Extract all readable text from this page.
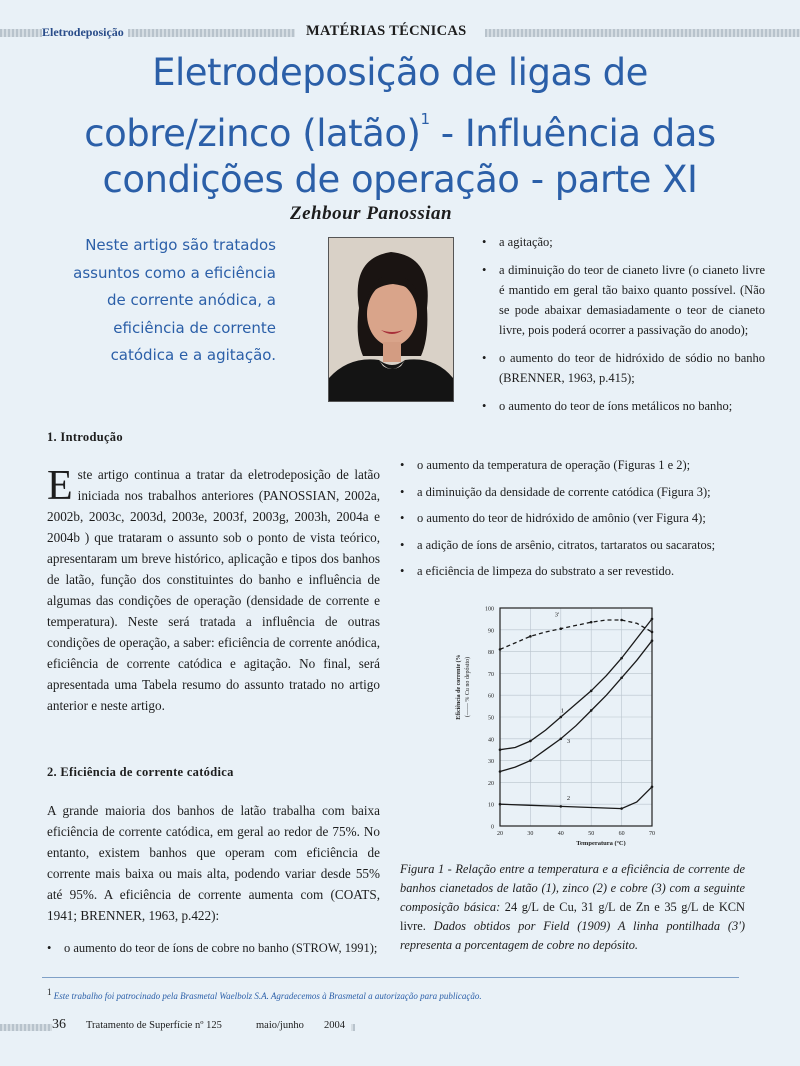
Eletrodeposição	MATÉRIAS TÉCNICAS
Eletrodeposição de ligas de
cobre/zinco (latão)$^1$ - Influência das
condições de operação - parte XI
Zehbour Panossian

Neste artigo são tratados assuntos como a eficiência de corrente anódica, a eficiência de corrente catódica e a agitação.

• a agitação;
• a diminuição do teor de cianeto livre (o cianeto livre é mantido em geral tão baixo quanto possível. (Não se pode abaixar demasiadamente o teor de cianeto livre, pois poderá ocorrer a passivação do anodo);
• o aumento do teor de hidróxido de sódio no banho (BRENNER, 1963, p.415);
• o aumento do teor de íons metálicos no banho;
• o aumento da temperatura de operação (Figuras 1 e 2);
• a diminuição da densidade de corrente catódica (Figura 3);
• o aumento do teor de hidróxido de amônio (ver Figura 4);
• a adição de íons de arsênio, citratos, tartaratos ou sacaratos;
• a eficiência de limpeza do substrato a ser revestido.
1. Introdução

Este artigo continua a tratar da eletrodeposição de latão iniciada nos trabalhos anteriores (PANOSSIAN, 2002a, 2002b, 2003c, 2003d, 2003e, 2003f, 2003g, 2003h, 2004a e 2004b ) que trataram o assunto sob o ponto de vista teórico, apresentaram um breve histórico, aplicação e tipos dos banhos de latão, função dos constituintes do banho e influência de algumas das condições de operação (densidade de corrente e temperatura). Neste será tratada a influência de outras condições de operação, a saber: eficiência de corrente anódica, eficiência de corrente catódica e agitação. No final, será apresentada uma Tabela resumo do assunto tratado no artigo anterior e neste artigo.

2. Eficiência de corrente catódica

A grande maioria dos banhos de latão trabalha com baixa eficiência de corrente catódica, em geral ao redor de 75%. No entanto, existem banhos que operam com eficiência de corrente mais baixa ou mais alta, podendo variar desde 55% até 95%. A eficiência de corrente aumenta com (COATS, 1941; BRENNER, 1963, p.422):

• o aumento do teor de íons de cobre no banho (STROW, 1991);
0
10
20
30
40
50
60
70
80
90
100
20	30	40	50	60	70
Temperatura (ºC)
Eficiência de corrente (% (—— % Cu no depósito)	1
2
3
3'

Figura 1 - Relação entre a temperatura e a eficiência de corrente de banhos cianetados de latão (1), zinco (2) e cobre (3) com a seguinte composição básica: 24 g/L de Cu, 31 g/L de Zn e 35 g/L de KCN livre. Dados obtidos por Field (1909) A linha pontilhada (3') representa a porcentagem de cobre no depósito.

$^1$ Este trabalho foi patrocinado pela Brasmetal Waelbolz S.A. Agradecemos à Brasmetal a autorização para publicação.
36	Tratamento de Superfície nº 125	maio/junho	2004
